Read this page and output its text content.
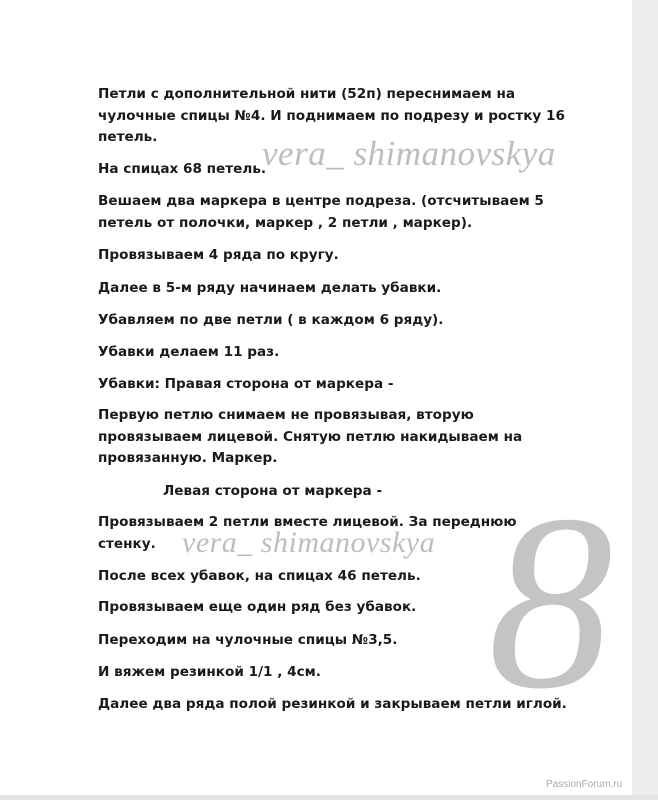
vera_ shimanovskya
vera_ shimanovskya 8

Петли с дополнительной нити (52п) переснимаем на
чулочные спицы №4. И поднимаем по подрезу и ростку 16
петель.

На спицах 68 петель.

Вешаем два маркера в центре подреза. (отсчитываем 5
петель от полочки, маркер , 2 петли , маркер).

Провязываем 4 ряда по кругу.

Далее в 5-м ряду начинаем делать убавки.

Убавляем по две петли ( в каждом 6 ряду).

Убавки делаем 11 раз.

Убавки: Правая сторона от маркера -

Первую петлю снимаем не провязывая, вторую
провязываем лицевой. Снятую петлю накидываем на
провязанную. Маркер.

Левая сторона от маркера -

Провязываем 2 петли вместе лицевой. За переднюю
стенку.

После всех убавок, на спицах 46 петель.

Провязываем еще один ряд без убавок.

Переходим на чулочные спицы №3,5.

И вяжем резинкой 1/1 , 4см.

Далее два ряда полой резинкой и закрываем петли иглой.

PassionForum.ru
